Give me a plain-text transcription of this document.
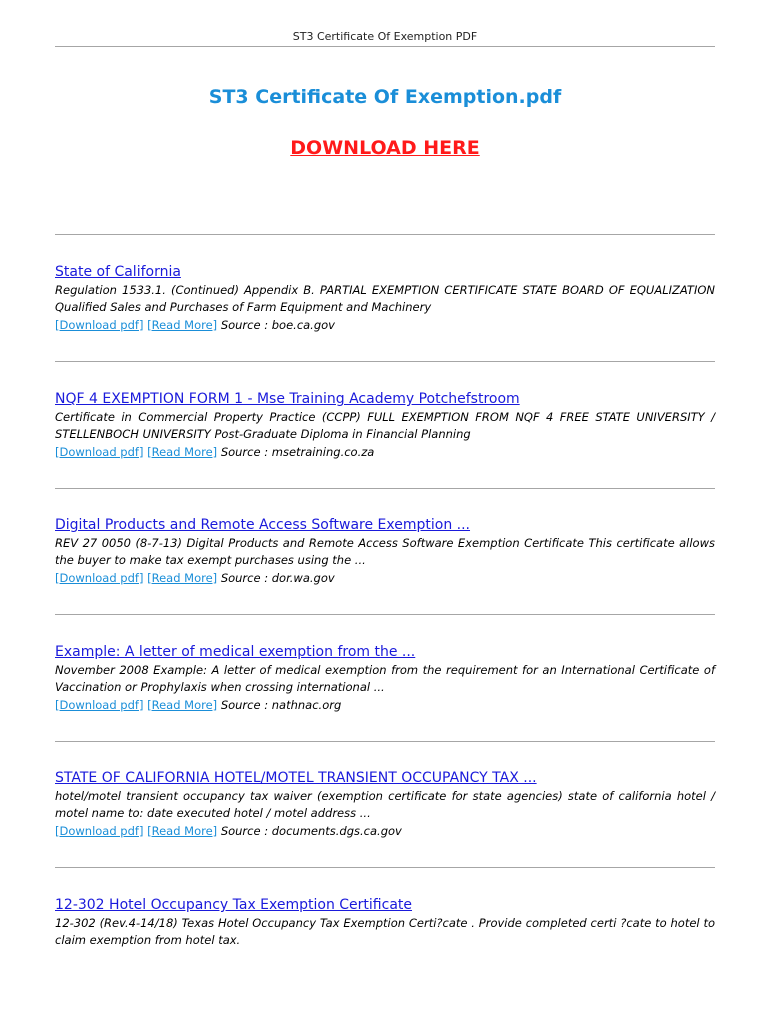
ST3 Certificate Of Exemption PDF
ST3 Certificate Of Exemption.pdf
DOWNLOAD HERE
State of California

Regulation 1533.1. (Continued) Appendix B. PARTIAL EXEMPTION CERTIFICATE STATE BOARD OF EQUALIZATION Qualified Sales and Purchases of Farm Equipment and Machinery

[Download pdf] [Read More] Source : boe.ca.gov

NQF 4 EXEMPTION FORM 1 - Mse Training Academy Potchefstroom

Certificate in Commercial Property Practice (CCPP) FULL EXEMPTION FROM NQF 4 FREE STATE UNIVERSITY / STELLENBOCH UNIVERSITY Post-Graduate Diploma in Financial Planning

[Download pdf] [Read More] Source : msetraining.co.za

Digital Products and Remote Access Software Exemption ...

REV 27 0050 (8-7-13) Digital Products and Remote Access Software Exemption Certificate This certificate allows the buyer to make tax exempt purchases using the ...

[Download pdf] [Read More] Source : dor.wa.gov

Example: A letter of medical exemption from the ...

November 2008 Example: A letter of medical exemption from the requirement for an International Certificate of Vaccination or Prophylaxis when crossing international ...

[Download pdf] [Read More] Source : nathnac.org

STATE OF CALIFORNIA HOTEL/MOTEL TRANSIENT OCCUPANCY TAX ...

hotel/motel transient occupancy tax waiver (exemption certificate for state agencies) state of california hotel / motel name to: date executed hotel / motel address ...

[Download pdf] [Read More] Source : documents.dgs.ca.gov

12-302 Hotel Occupancy Tax Exemption Certificate

12-302 (Rev.4-14/18) Texas Hotel Occupancy Tax Exemption Certi?cate . Provide completed certi ?cate to hotel to claim exemption from hotel tax.
